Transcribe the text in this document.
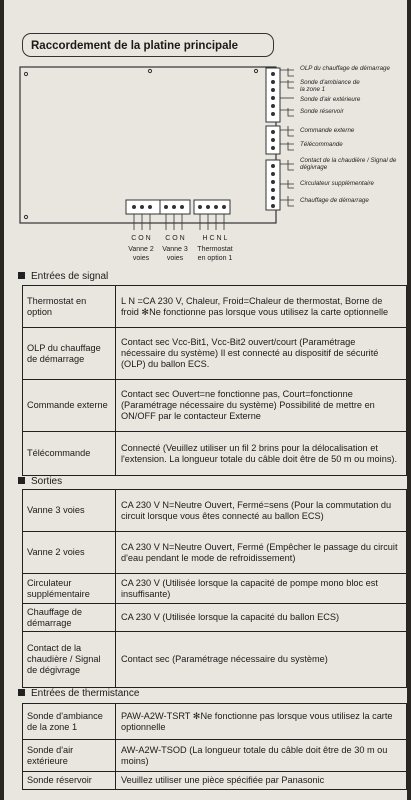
Raccordement de la platine principale
OLP du chauffage de démarrage
Sonde d'ambiance de la zone 1
Sonde d'air extérieure
Sonde réservoir
Commande externe
Télécommande
Contact de la chaudière / Signal de dégivrage
Circulateur supplémentaire
Chauffage de démarrage
C O N
Vanne 2 voies
C O N
Vanne 3 voies
H C N L
Thermostat en option 1
Entrées de signal
Thermostat en option	L N =CA 230 V, Chaleur, Froid=Chaleur de thermostat, Borne de froid ✻Ne fonctionne pas lorsque vous utilisez la carte optionnelle
OLP du chauffage de démarrage	Contact sec Vcc-Bit1, Vcc-Bit2 ouvert/court (Paramétrage nécessaire du système) Il est connecté au dispositif de sécurité (OLP) du ballon ECS.
Commande externe	Contact sec Ouvert=ne fonctionne pas, Court=fonctionne (Paramétrage nécessaire du système) Possibilité de mettre en ON/OFF par le contacteur Externe
Télécommande	Connecté (Veuillez utiliser un fil 2 brins pour la délocalisation et l'extension. La longueur totale du câble doit être de 50 m ou moins).
Sorties
Vanne 3 voies	CA 230 V N=Neutre Ouvert, Fermé=sens (Pour la commutation du circuit lorsque vous êtes connecté au ballon ECS)
Vanne 2 voies	CA 230 V N=Neutre Ouvert, Fermé (Empêcher le passage du circuit d'eau pendant le mode de refroidissement)
Circulateur supplémentaire	CA 230 V (Utilisée lorsque la capacité de pompe mono bloc est insuffisante)
Chauffage de démarrage	CA 230 V (Utilisée lorsque la capacité du ballon ECS)
Contact de la chaudière / Signal de dégivrage	Contact sec (Paramétrage nécessaire du système)
Entrées de thermistance
Sonde d'ambiance de la zone 1	PAW-A2W-TSRT ✻Ne fonctionne pas lorsque vous utilisez la carte optionnelle
Sonde d'air extérieure	AW-A2W-TSOD (La longueur totale du câble doit être de 30 m ou moins)
Sonde réservoir	Veuillez utiliser une pièce spécifiée par Panasonic
